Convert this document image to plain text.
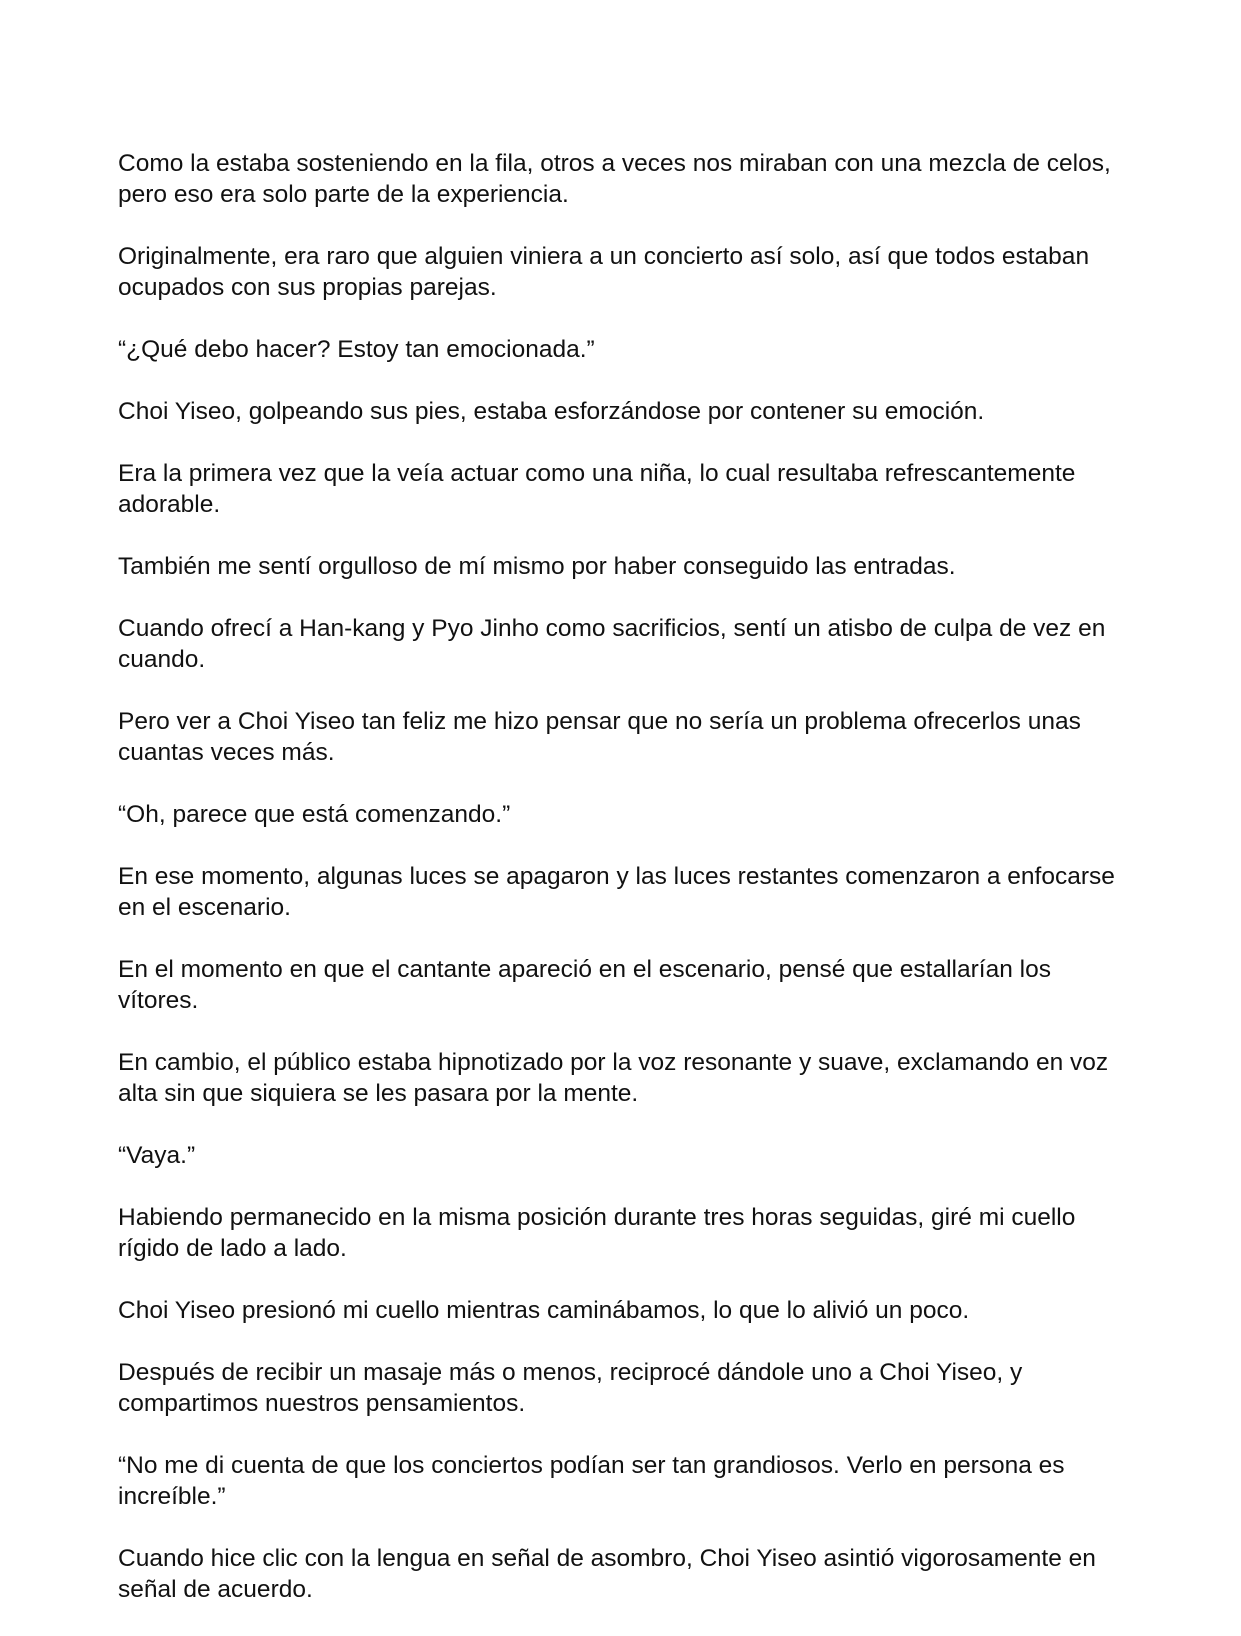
Como la estaba sosteniendo en la fila, otros a veces nos miraban con una mezcla de celos, pero eso era solo parte de la experiencia.

Originalmente, era raro que alguien viniera a un concierto así solo, así que todos estaban ocupados con sus propias parejas.

“¿Qué debo hacer? Estoy tan emocionada.”

Choi Yiseo, golpeando sus pies, estaba esforzándose por contener su emoción.

Era la primera vez que la veía actuar como una niña, lo cual resultaba refrescantemente adorable.

También me sentí orgulloso de mí mismo por haber conseguido las entradas.

Cuando ofrecí a Han-kang y Pyo Jinho como sacrificios, sentí un atisbo de culpa de vez en cuando.

Pero ver a Choi Yiseo tan feliz me hizo pensar que no sería un problema ofrecerlos unas cuantas veces más.

“Oh, parece que está comenzando.”

En ese momento, algunas luces se apagaron y las luces restantes comenzaron a enfocarse en el escenario.

En el momento en que el cantante apareció en el escenario, pensé que estallarían los vítores.

En cambio, el público estaba hipnotizado por la voz resonante y suave, exclamando en voz alta sin que siquiera se les pasara por la mente.

“Vaya.”

Habiendo permanecido en la misma posición durante tres horas seguidas, giré mi cuello rígido de lado a lado.

Choi Yiseo presionó mi cuello mientras caminábamos, lo que lo alivió un poco.

Después de recibir un masaje más o menos, reciprocé dándole uno a Choi Yiseo, y compartimos nuestros pensamientos.

“No me di cuenta de que los conciertos podían ser tan grandiosos. Verlo en persona es increíble.”

Cuando hice clic con la lengua en señal de asombro, Choi Yiseo asintió vigorosamente en señal de acuerdo.
